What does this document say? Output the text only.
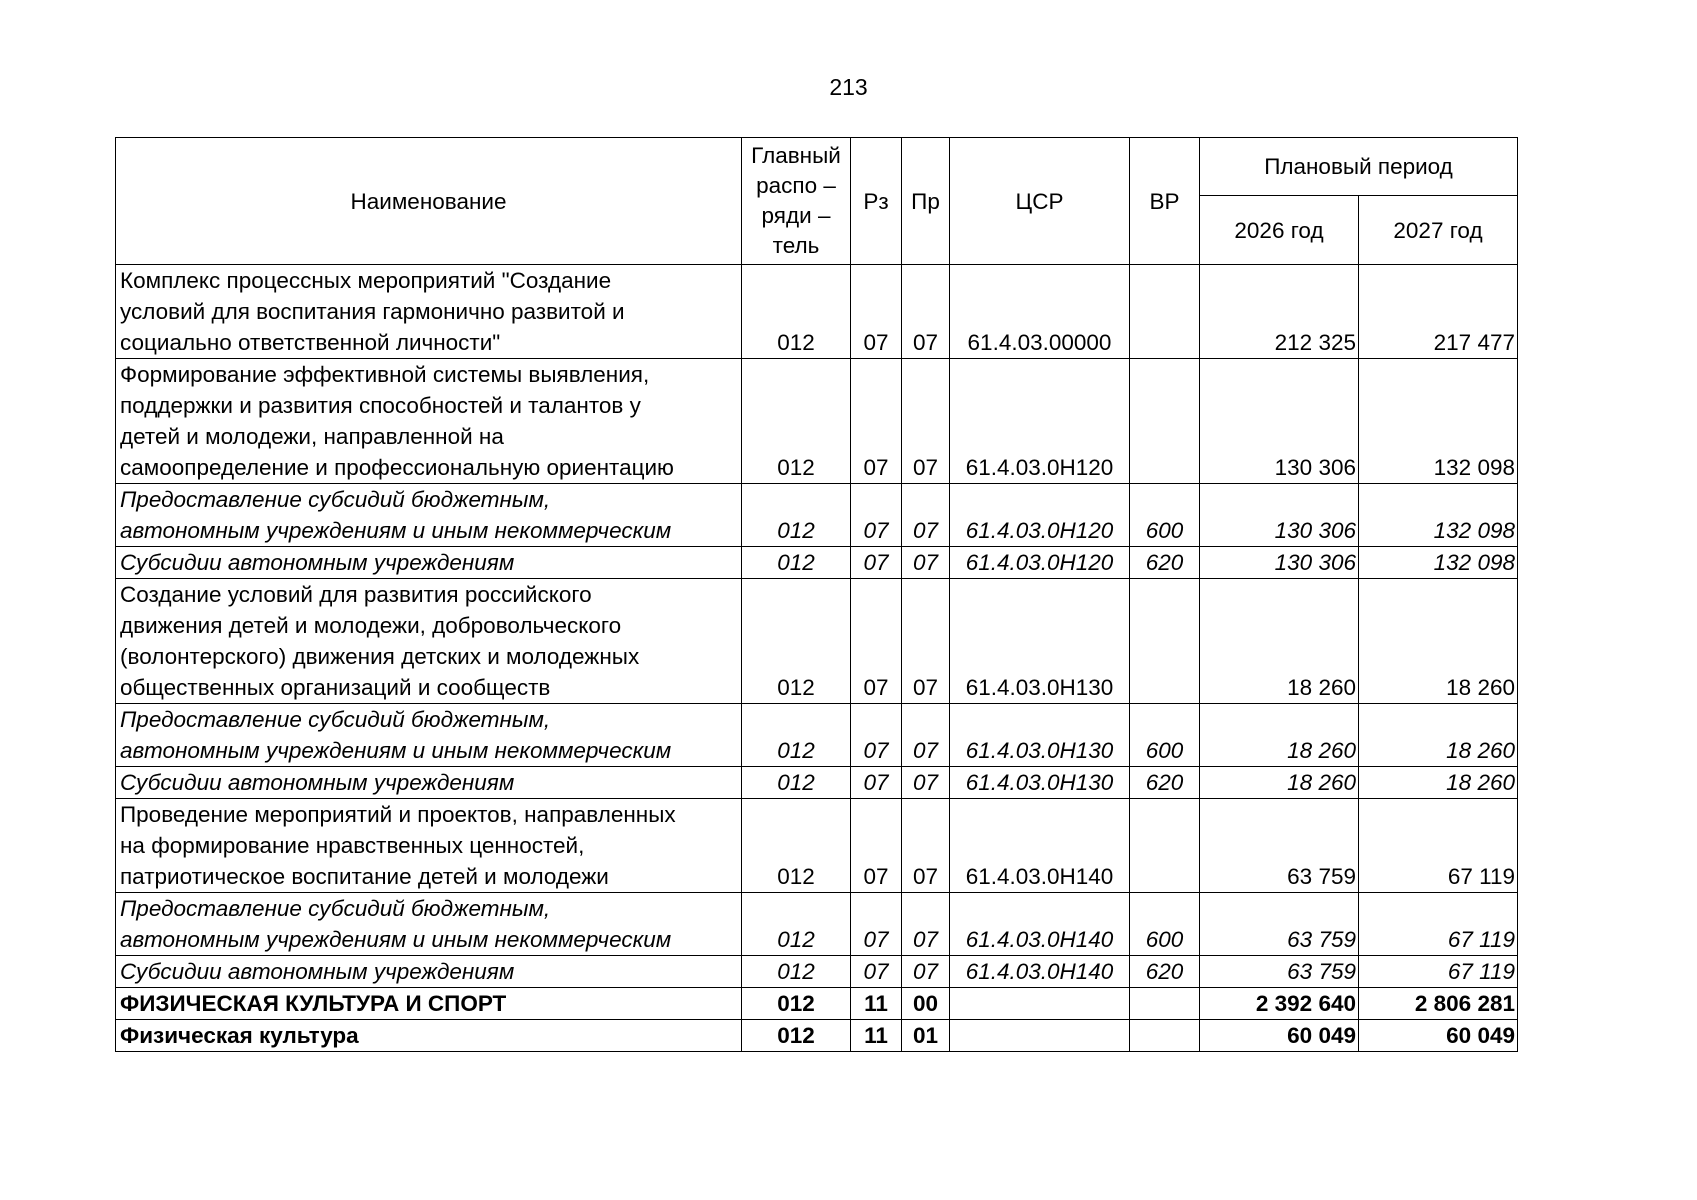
213
Наименование	Главный
распо –
ряди –
тель	Рз	Пр	ЦСР	ВР	Плановый период	
						2026 год	2027 год
Комплекс процессных мероприятий "Создание
условий для воспитания гармонично развитой и
социально ответственной личности"	012	07	07	61.4.03.00000		212 325	217 477
Формирование эффективной системы выявления,
поддержки и развития способностей и талантов у
детей и молодежи, направленной на
самоопределение и профессиональную ориентацию	012	07	07	61.4.03.0Н120		130 306	132 098
Предоставление субсидий бюджетным,
автономным учреждениям и иным некоммерческим	012	07	07	61.4.03.0Н120	600	130 306	132 098
Субсидии автономным учреждениям	012	07	07	61.4.03.0Н120	620	130 306	132 098
Создание условий для развития российского
движения детей и молодежи, добровольческого
(волонтерского) движения детских и молодежных
общественных организаций и сообществ	012	07	07	61.4.03.0Н130		18 260	18 260
Предоставление субсидий бюджетным,
автономным учреждениям и иным некоммерческим	012	07	07	61.4.03.0Н130	600	18 260	18 260
Субсидии автономным учреждениям	012	07	07	61.4.03.0Н130	620	18 260	18 260
Проведение мероприятий и проектов, направленных
на формирование нравственных ценностей,
патриотическое воспитание детей и молодежи	012	07	07	61.4.03.0Н140		63 759	67 119
Предоставление субсидий бюджетным,
автономным учреждениям и иным некоммерческим	012	07	07	61.4.03.0Н140	600	63 759	67 119
Субсидии автономным учреждениям	012	07	07	61.4.03.0Н140	620	63 759	67 119
ФИЗИЧЕСКАЯ КУЛЬТУРА И СПОРТ	012	11	00			2 392 640	2 806 281
Физическая культура	012	11	01			60 049	60 049
